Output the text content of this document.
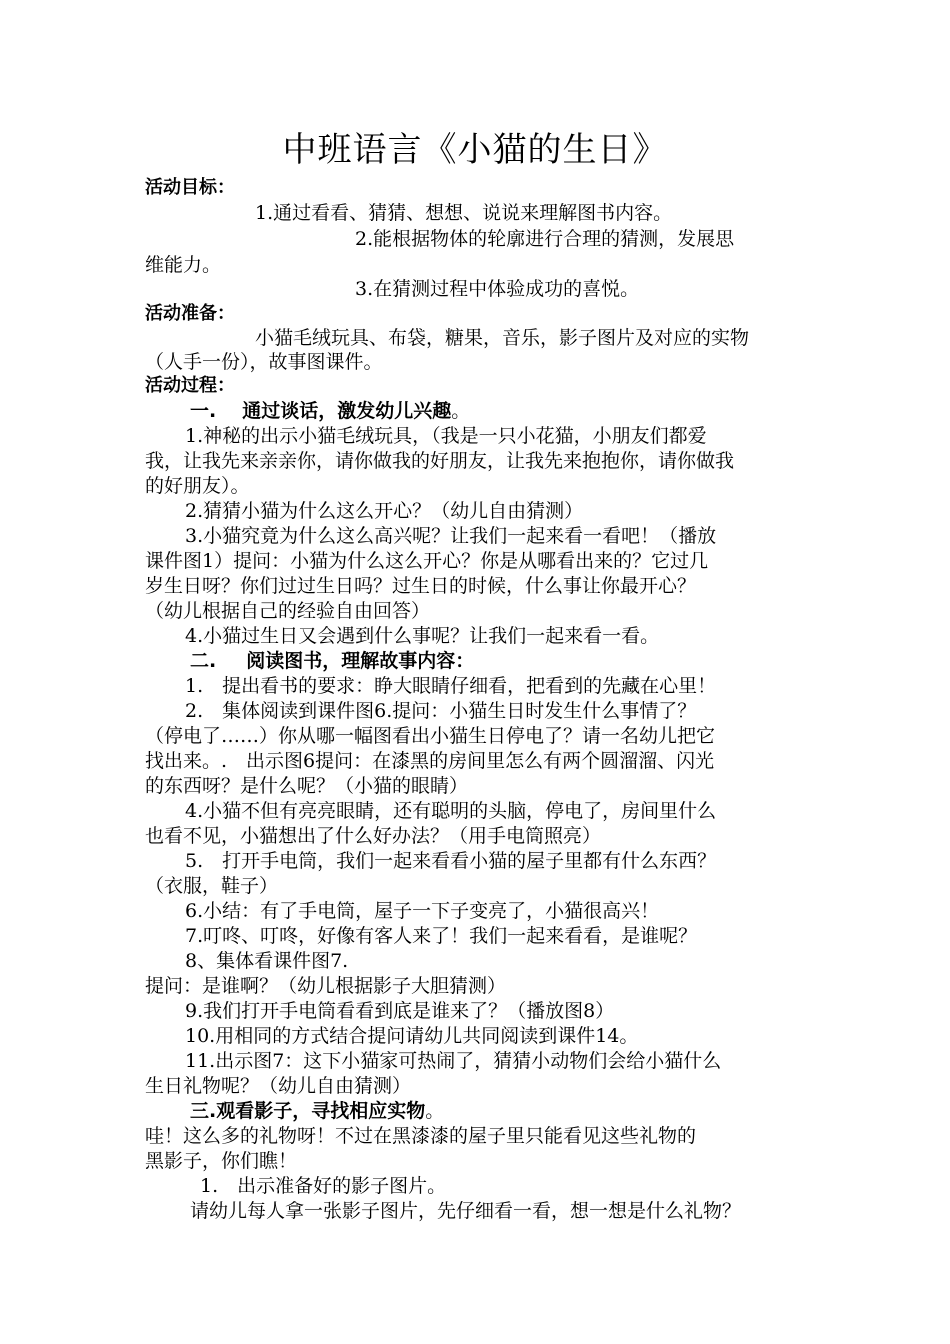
中班语言《小猫的生日》
活动目标：
1.通过看看、猜猜、想想、说说来理解图书内容。
2.能根据物体的轮廓进行合理的猜测，发展思
维能力。
3.在猜测过程中体验成功的喜悦。
活动准备：
小猫毛绒玩具、布袋，糖果，音乐，影子图片及对应的实物
（人手一份），故事图课件。
活动过程：
一. 通过谈话，激发幼儿兴趣。
1.神秘的出示小猫毛绒玩具，（我是一只小花猫，小朋友们都爱
我，让我先来亲亲你，请你做我的好朋友，让我先来抱抱你，请你做我
的好朋友）。
2.猜猜小猫为什么这么开心？（幼儿自由猜测）
3.小猫究竟为什么这么高兴呢？让我们一起来看一看吧！（播放
课件图1）提问：小猫为什么这么开心？你是从哪看出来的？它过几
岁生日呀？你们过过生日吗？过生日的时候，什么事让你最开心？
（幼儿根据自己的经验自由回答）
4.小猫过生日又会遇到什么事呢？让我们一起来看一看。
二. 阅读图书，理解故事内容：
1.　提出看书的要求：睁大眼睛仔细看，把看到的先藏在心里！
2.　集体阅读到课件图6.提问：小猫生日时发生什么事情了？
（停电了……）你从哪一幅图看出小猫生日停电了？请一名幼儿把它
找出来。.　出示图6提问：在漆黑的房间里怎么有两个圆溜溜、闪光
的东西呀？是什么呢？（小猫的眼睛）
4.小猫不但有亮亮眼睛，还有聪明的头脑，停电了，房间里什么
也看不见，小猫想出了什么好办法？（用手电筒照亮）
5.　打开手电筒，我们一起来看看小猫的屋子里都有什么东西？
（衣服，鞋子）
6.小结：有了手电筒，屋子一下子变亮了，小猫很高兴！
7.叮咚、叮咚，好像有客人来了！我们一起来看看，是谁呢？
8、集体看课件图7.
提问：是谁啊？（幼儿根据影子大胆猜测）
9.我们打开手电筒看看到底是谁来了？（播放图8）
10.用相同的方式结合提问请幼儿共同阅读到课件14。
11.出示图7：这下小猫家可热闹了，猜猜小动物们会给小猫什么
生日礼物呢？（幼儿自由猜测）
三.观看影子，寻找相应实物。
哇！这么多的礼物呀！不过在黑漆漆的屋子里只能看见这些礼物的
黑影子，你们瞧！
1.　出示准备好的影子图片。
请幼儿每人拿一张影子图片，先仔细看一看，想一想是什么礼物？
